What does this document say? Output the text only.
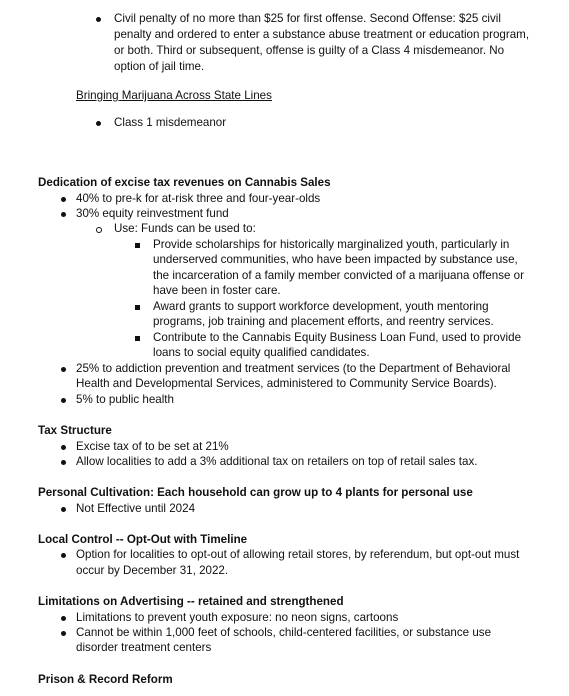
Civil penalty of no more than $25 for first offense. Second Offense: $25 civil
penalty and ordered to enter a substance abuse treatment or education program,
or both. Third or subsequent, offense is guilty of a Class 4 misdemeanor. No
option of jail time.
Bringing Marijuana Across State Lines
Class 1 misdemeanor
Dedication of excise tax revenues on Cannabis Sales
40% to pre-k for at-risk three and four-year-olds
30% equity reinvestment fund
Use: Funds can be used to:
Provide scholarships for historically marginalized youth, particularly in
underserved communities, who have been impacted by substance use,
the incarceration of a family member convicted of a marijuana offense or
have been in foster care.
Award grants to support workforce development, youth mentoring
programs, job training and placement efforts, and reentry services.
Contribute to the Cannabis Equity Business Loan Fund, used to provide
loans to social equity qualified candidates.
25% to addiction prevention and treatment services (to the Department of Behavioral
Health and Developmental Services, administered to Community Service Boards).
5% to public health
Tax Structure
Excise tax of to be set at 21%
Allow localities to add a 3% additional tax on retailers on top of retail sales tax.
Personal Cultivation: Each household can grow up to 4 plants for personal use
Not Effective until 2024
Local Control -- Opt-Out with Timeline
Option for localities to opt-out of allowing retail stores, by referendum, but opt-out must
occur by December 31, 2022.
Limitations on Advertising -- retained and strengthened
Limitations to prevent youth exposure: no neon signs, cartoons
Cannot be within 1,000 feet of schools, child-centered facilities, or substance use
disorder treatment centers
Prison & Record Reform
